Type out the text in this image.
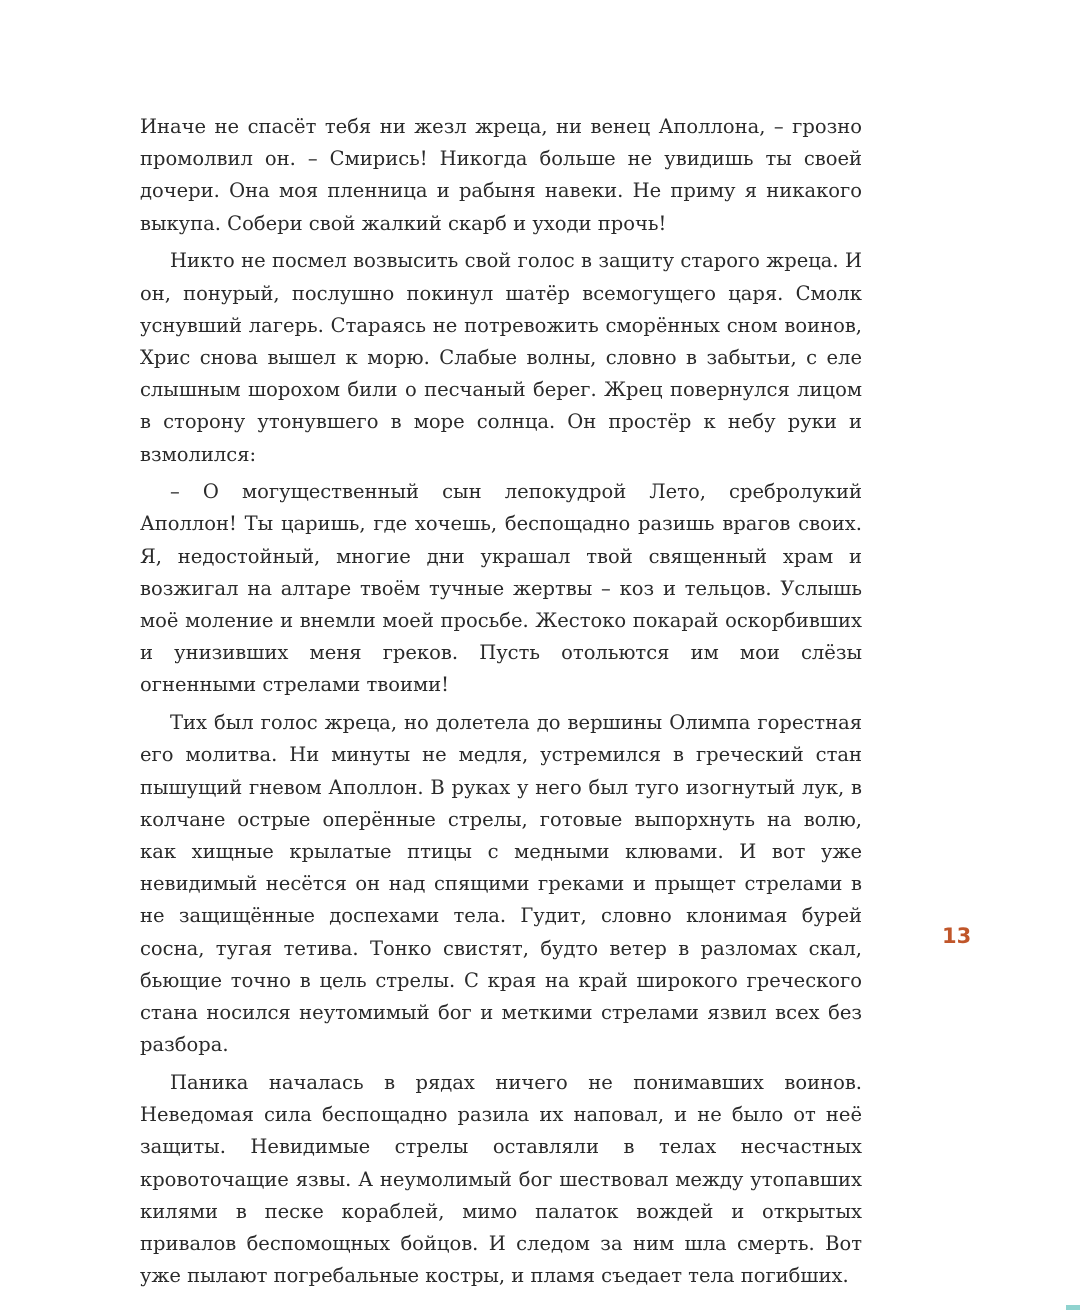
Иначе не спасёт тебя ни жезл жреца, ни венец Аполлона, – грозно промолвил он. – Смирись! Никогда больше не увидишь ты своей дочери. Она моя пленница и рабыня навеки. Не приму я никакого выкупа. Собери свой жалкий скарб и уходи прочь!

Никто не посмел возвысить свой голос в защиту старого жреца. И он, понурый, послушно покинул шатёр всемогущего царя. Смолк уснувший лагерь. Стараясь не потревожить сморённых сном воинов, Хрис снова вышел к морю. Слабые волны, словно в забытьи, с еле слышным шорохом били о песчаный берег. Жрец повернулся лицом в сторону утонувшего в море солнца. Он простёр к небу руки и взмолился:

– О могущественный сын лепокудрой Лето, сребролукий Аполлон! Ты царишь, где хочешь, беспощадно разишь врагов своих. Я, недостойный, многие дни украшал твой священный храм и возжигал на алтаре твоём тучные жертвы – коз и тельцов. Услышь моё моление и внемли моей просьбе. Жестоко покарай оскорбивших и унизивших меня греков. Пусть отольются им мои слёзы огненными стрелами твоими!

Тих был голос жреца, но долетела до вершины Олимпа горестная его молитва. Ни минуты не медля, устремился в греческий стан пышущий гневом Аполлон. В руках у него был туго изогнутый лук, в колчане острые оперённые стрелы, готовые выпорхнуть на волю, как хищные крылатые птицы с медными клювами. И вот уже невидимый несётся он над спящими греками и прыщет стрелами в не защищённые доспехами тела. Гудит, словно клонимая бурей сосна, тугая тетива. Тонко свистят, будто ветер в разломах скал, бьющие точно в цель стрелы. С края на край широкого греческого стана носился неутомимый бог и меткими стрелами язвил всех без разбора.

Паника началась в рядах ничего не понимавших воинов. Неведомая сила беспощадно разила их наповал, и не было от неё защиты. Невидимые стрелы оставляли в телах несчастных кровоточащие язвы. А неумолимый бог шествовал между утопавших килями в песке кораблей, мимо палаток вождей и открытых привалов беспомощных бойцов. И следом за ним шла смерть. Вот уже пылают погребальные костры, и пламя съедает тела погибших.

13
